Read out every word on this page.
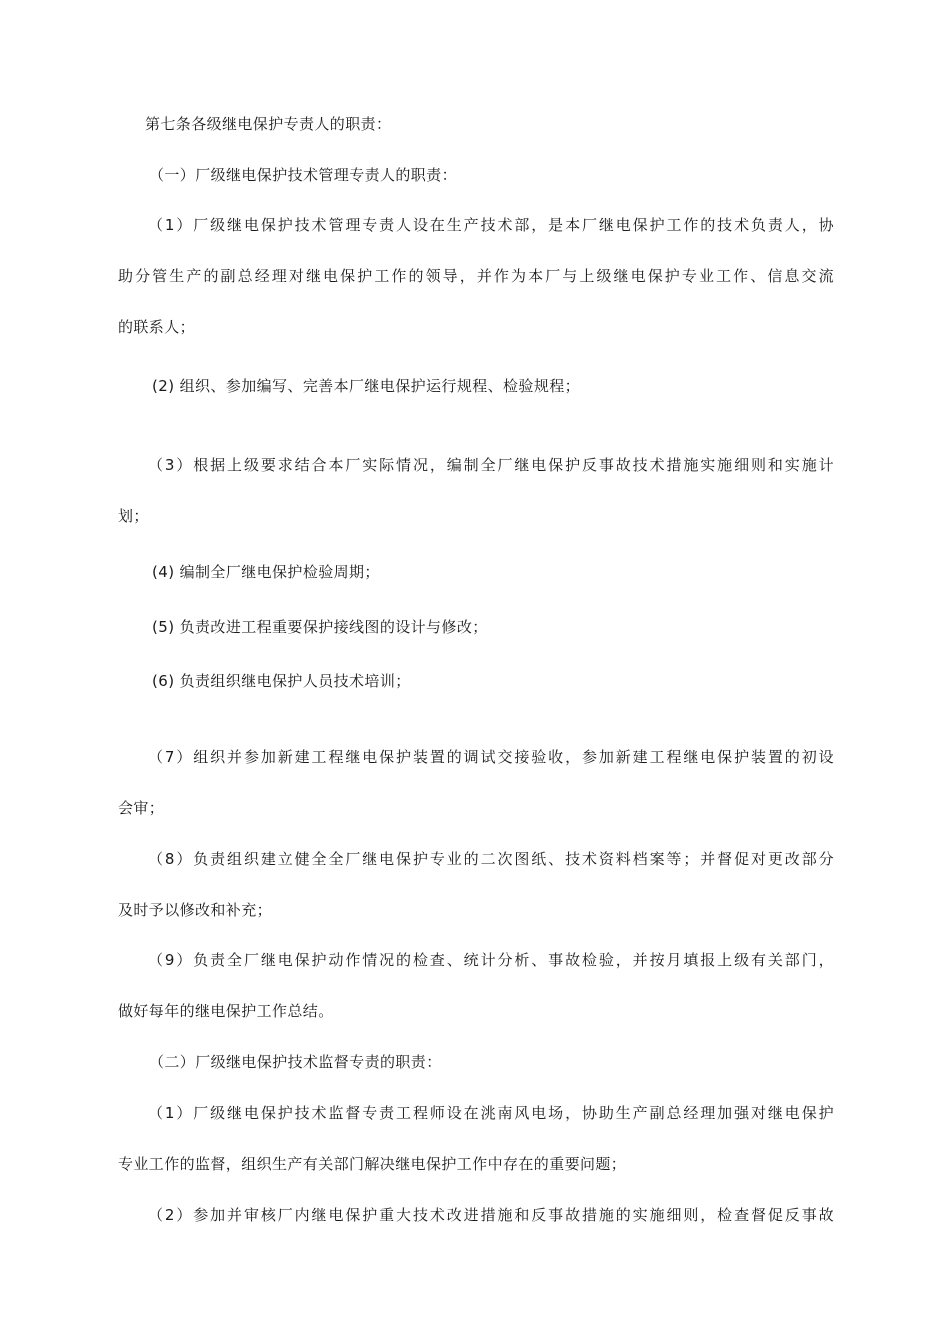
第七条各级继电保护专责人的职责：
（一）厂级继电保护技术管理专责人的职责：
（1）厂级继电保护技术管理专责人设在生产技术部，是本厂继电保护工作的技术负责人，协
助分管生产的副总经理对继电保护工作的领导，并作为本厂与上级继电保护专业工作、信息交流
的联系人；
(2) 组织、参加编写、完善本厂继电保护运行规程、检验规程；
（3）根据上级要求结合本厂实际情况，编制全厂继电保护反事故技术措施实施细则和实施计
划；
(4) 编制全厂继电保护检验周期；
(5) 负责改进工程重要保护接线图的设计与修改；
(6) 负责组织继电保护人员技术培训；
（7）组织并参加新建工程继电保护装置的调试交接验收，参加新建工程继电保护装置的初设
会审；
（8）负责组织建立健全全厂继电保护专业的二次图纸、技术资料档案等；并督促对更改部分
及时予以修改和补充；
（9）负责全厂继电保护动作情况的检查、统计分析、事故检验，并按月填报上级有关部门，
做好每年的继电保护工作总结。
（二）厂级继电保护技术监督专责的职责：
（1）厂级继电保护技术监督专责工程师设在洮南风电场，协助生产副总经理加强对继电保护
专业工作的监督，组织生产有关部门解决继电保护工作中存在的重要问题；
（2）参加并审核厂内继电保护重大技术改进措施和反事故措施的实施细则，检查督促反事故
